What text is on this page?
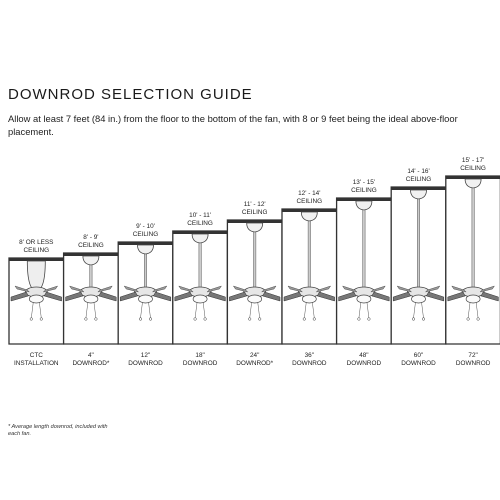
DOWNROD SELECTION GUIDE
Allow at least 7 feet (84 in.) from the floor to the bottom of the fan, with 8 or 9 feet being the ideal above-floor placement.
8' OR LESS
CEILING
CTC
INSTALLATION
8' - 9'
CEILING
4"
DOWNROD*
9' - 10'
CEILING
12"
DOWNROD
10' - 11'
CEILING
18"
DOWNROD
11' - 12'
CEILING
24"
DOWNROD*
12' - 14'
CEILING
36"
DOWNROD
13' - 15'
CEILING
48"
DOWNROD
14' - 16'
CEILING
60"
DOWNROD
15' - 17'
CEILING
72"
DOWNROD
* Average length downrod, included with each fan.
